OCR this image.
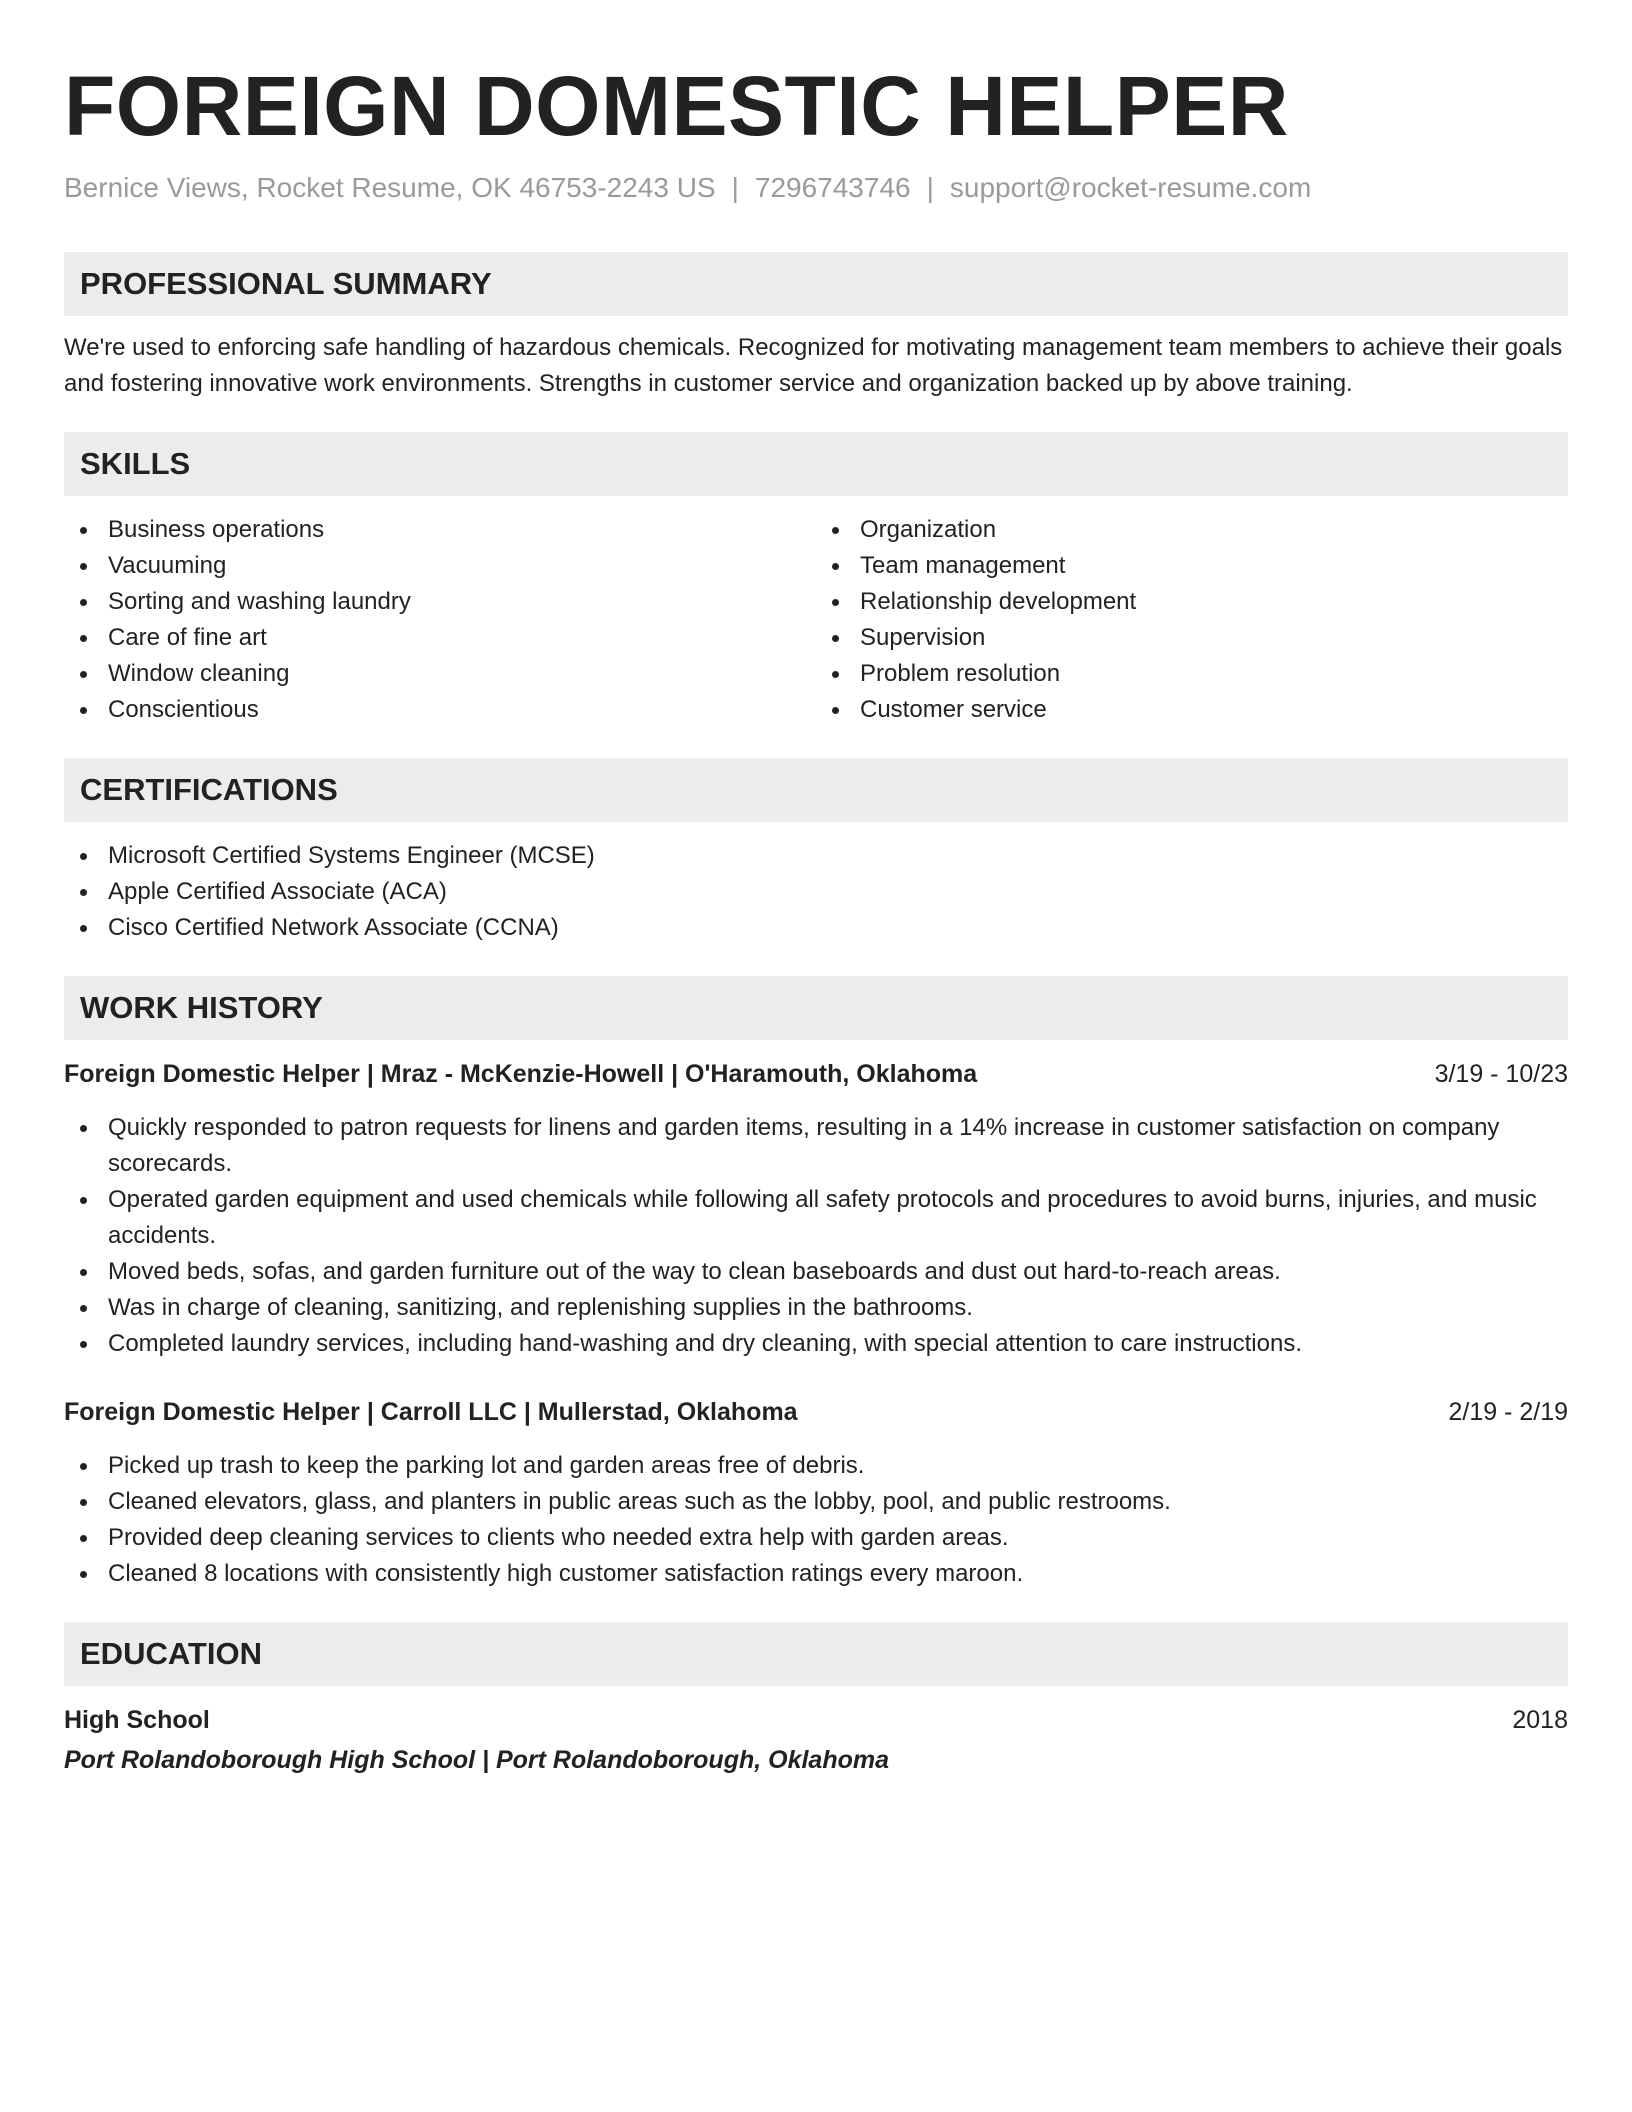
FOREIGN DOMESTIC HELPER
Bernice Views, Rocket Resume, OK 46753-2243 US | 7296743746 | support@rocket-resume.com
PROFESSIONAL SUMMARY

We're used to enforcing safe handling of hazardous chemicals. Recognized for motivating management team members to achieve their goals and fostering innovative work environments. Strengths in customer service and organization backed up by above training.

SKILLS
Business operations
Vacuuming
Sorting and washing laundry
Care of fine art
Window cleaning
Conscientious
Organization
Team management
Relationship development
Supervision
Problem resolution
Customer service
CERTIFICATIONS
Microsoft Certified Systems Engineer (MCSE)
Apple Certified Associate (ACA)
Cisco Certified Network Associate (CCNA)
WORK HISTORY
Foreign Domestic Helper | Mraz - McKenzie-Howell | O'Haramouth, Oklahoma	3/19 - 10/23
Quickly responded to patron requests for linens and garden items, resulting in a 14% increase in customer satisfaction on company scorecards.
Operated garden equipment and used chemicals while following all safety protocols and procedures to avoid burns, injuries, and music accidents.
Moved beds, sofas, and garden furniture out of the way to clean baseboards and dust out hard-to-reach areas.
Was in charge of cleaning, sanitizing, and replenishing supplies in the bathrooms.
Completed laundry services, including hand-washing and dry cleaning, with special attention to care instructions.
Foreign Domestic Helper | Carroll LLC | Mullerstad, Oklahoma	2/19 - 2/19
Picked up trash to keep the parking lot and garden areas free of debris.
Cleaned elevators, glass, and planters in public areas such as the lobby, pool, and public restrooms.
Provided deep cleaning services to clients who needed extra help with garden areas.
Cleaned 8 locations with consistently high customer satisfaction ratings every maroon.
EDUCATION
High School	2018
Port Rolandoborough High School | Port Rolandoborough, Oklahoma
